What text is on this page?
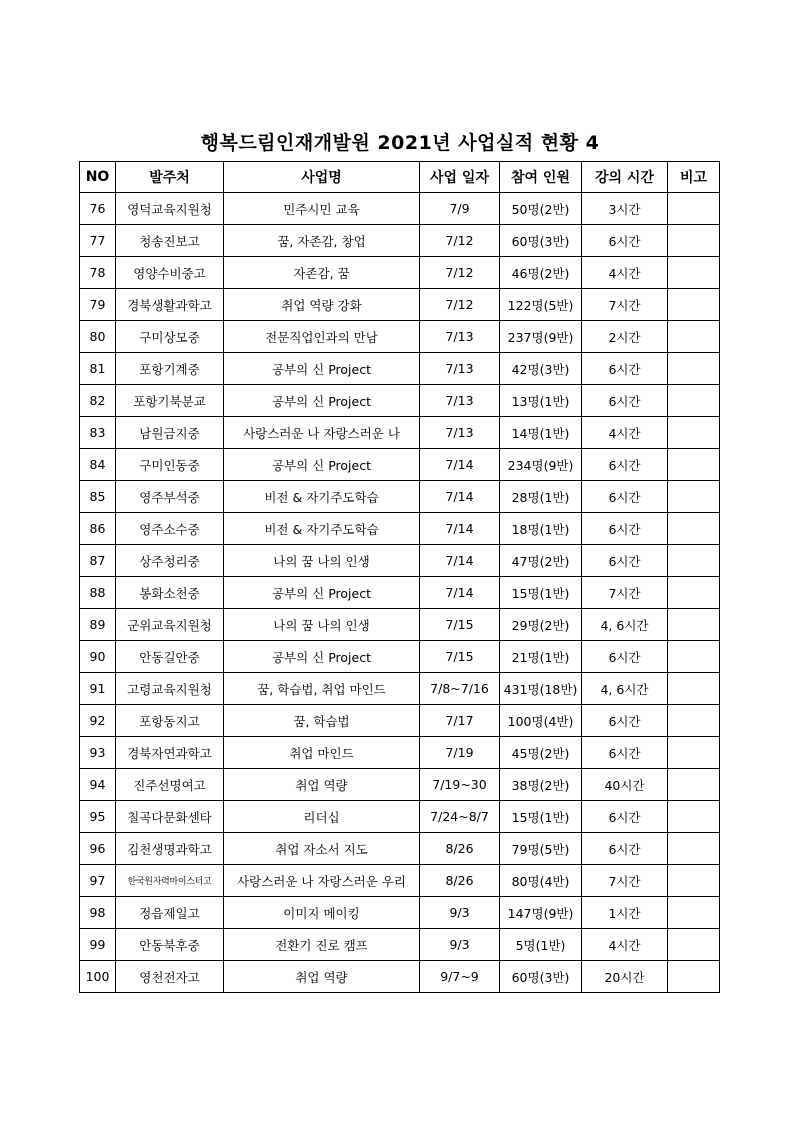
행복드림인재개발원 2021년 사업실적 현황 4
NO	발주처	사업명	사업 일자	참여 인원	강의 시간	비고
76	영덕교육지원청	민주시민 교육	7/9	50명(2반)	3시간	
77	청송진보고	꿈, 자존감, 창업	7/12	60명(3반)	6시간	
78	영양수비중고	자존감, 꿈	7/12	46명(2반)	4시간	
79	경북생활과학고	취업 역량 강화	7/12	122명(5반)	7시간	
80	구미상모중	전문직업인과의 만남	7/13	237명(9반)	2시간	
81	포항기계중	공부의 신 Project	7/13	42명(3반)	6시간	
82	포항기북분교	공부의 신 Project	7/13	13명(1반)	6시간	
83	남원금지중	사랑스러운 나 자랑스러운 나	7/13	14명(1반)	4시간	
84	구미인동중	공부의 신 Project	7/14	234명(9반)	6시간	
85	영주부석중	비전 & 자기주도학습	7/14	28명(1반)	6시간	
86	영주소수중	비전 & 자기주도학습	7/14	18명(1반)	6시간	
87	상주청리중	나의 꿈 나의 인생	7/14	47명(2반)	6시간	
88	봉화소천중	공부의 신 Project	7/14	15명(1반)	7시간	
89	군위교육지원청	나의 꿈 나의 인생	7/15	29명(2반)	4, 6시간	
90	안동길안중	공부의 신 Project	7/15	21명(1반)	6시간	
91	고령교육지원청	꿈, 학습법, 취업 마인드	7/8~7/16	431명(18반)	4, 6시간	
92	포항동지고	꿈, 학습법	7/17	100명(4반)	6시간	
93	경북자연과학고	취업 마인드	7/19	45명(2반)	6시간	
94	진주선명여고	취업 역량	7/19~30	38명(2반)	40시간	
95	칠곡다문화센타	리더십	7/24~8/7	15명(1반)	6시간	
96	김천생명과학고	취업 자소서 지도	8/26	79명(5반)	6시간	
97	한국원자력마이스터고	사랑스러운 나 자랑스러운 우리	8/26	80명(4반)	7시간	
98	정읍제일고	이미지 메이킹	9/3	147명(9반)	1시간	
99	안동북후중	전환기 진로 캠프	9/3	5명(1반)	4시간	
100	영천전자고	취업 역량	9/7~9	60명(3반)	20시간	
